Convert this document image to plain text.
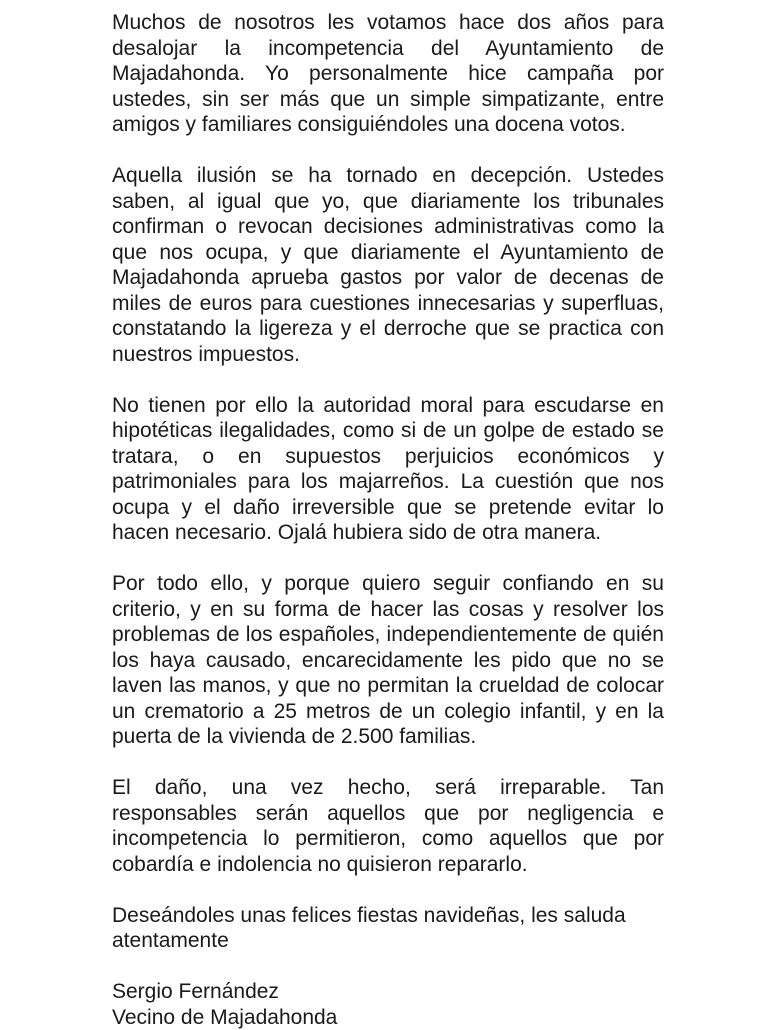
Muchos de nosotros les votamos hace dos años para desalojar la incompetencia del Ayuntamiento de Majadahonda. Yo personalmente hice campaña por ustedes, sin ser más que un simple simpatizante, entre amigos y familiares consiguiéndoles una docena votos.

Aquella ilusión se ha tornado en decepción. Ustedes saben, al igual que yo, que diariamente los tribunales confirman o revocan decisiones administrativas como la que nos ocupa, y que diariamente el Ayuntamiento de Majadahonda aprueba gastos por valor de decenas de miles de euros para cuestiones innecesarias y superfluas, constatando la ligereza y el derroche que se practica con nuestros impuestos.

No tienen por ello la autoridad moral para escudarse en hipotéticas ilegalidades, como si de un golpe de estado se tratara, o en supuestos perjuicios económicos y patrimoniales para los majarreños. La cuestión que nos ocupa y el daño irreversible que se pretende evitar lo hacen necesario. Ojalá hubiera sido de otra manera.

Por todo ello, y porque quiero seguir confiando en su criterio, y en su forma de hacer las cosas y resolver los problemas de los españoles, independientemente de quién los haya causado, encarecidamente les pido que no se laven las manos, y que no permitan la crueldad de colocar un crematorio a 25 metros de un colegio infantil, y en la puerta de la vivienda de 2.500 familias.

El daño, una vez hecho, será irreparable. Tan responsables serán aquellos que por negligencia e incompetencia lo permitieron, como aquellos que por cobardía e indolencia no quisieron repararlo.

Deseándoles unas felices fiestas navideñas, les saluda atentamente

Sergio Fernández

Vecino de Majadahonda
